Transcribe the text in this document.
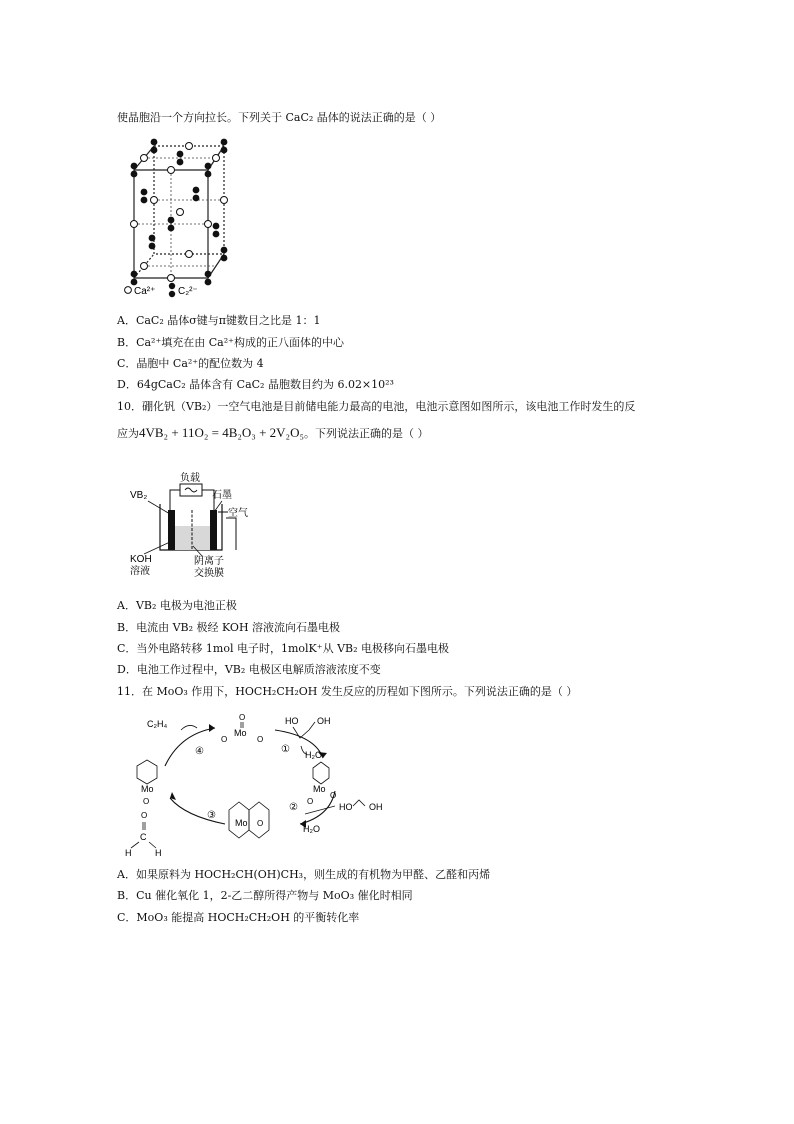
使晶胞沿一个方向拉长。下列关于 CaC₂ 晶体的说法正确的是（ ）
Ca²⁺ C₂²⁻
A．CaC₂ 晶体σ键与π键数目之比是 1：1
B．Ca²⁺填充在由 Ca²⁺构成的正八面体的中心
C．晶胞中 Ca²⁺的配位数为 4
D．64gCaC₂ 晶体含有 CaC₂ 晶胞数目约为 6.02×10²³
10．硼化钒（VB₂）一空气电池是目前储电能力最高的电池，电池示意图如图所示，该电池工作时发生的反
应为4VB₂ + 11O₂ = 4B₂O₃ + 2V₂O₅。下列说法正确的是（ ）
负载
VB₂	石墨
空气
KOH
溶液
阴离子
交换膜
A．VB₂ 电极为电池正极
B．电流由 VB₂ 极经 KOH 溶液流向石墨电极
C．当外电路转移 1mol 电子时，1molK⁺从 VB₂ 电极移向石墨电极
D．电池工作过程中，VB₂ 电极区电解质溶液浓度不变
11．在 MoO₃ 作用下，HOCH₂CH₂OH 发生反应的历程如下图所示。下列说法正确的是（ ）
C₂H₄
④
O
Mo
O	O
HO OH
① H₂O
Mo
O
O
②	HO OH
H₂O
Mo O
③
O
C
H	H
Mo
O
A．如果原料为 HOCH₂CH(OH)CH₃，则生成的有机物为甲醛、乙醛和丙烯
B．Cu 催化氧化 1，2-乙二醇所得产物与 MoO₃ 催化时相同
C．MoO₃ 能提高 HOCH₂CH₂OH 的平衡转化率
